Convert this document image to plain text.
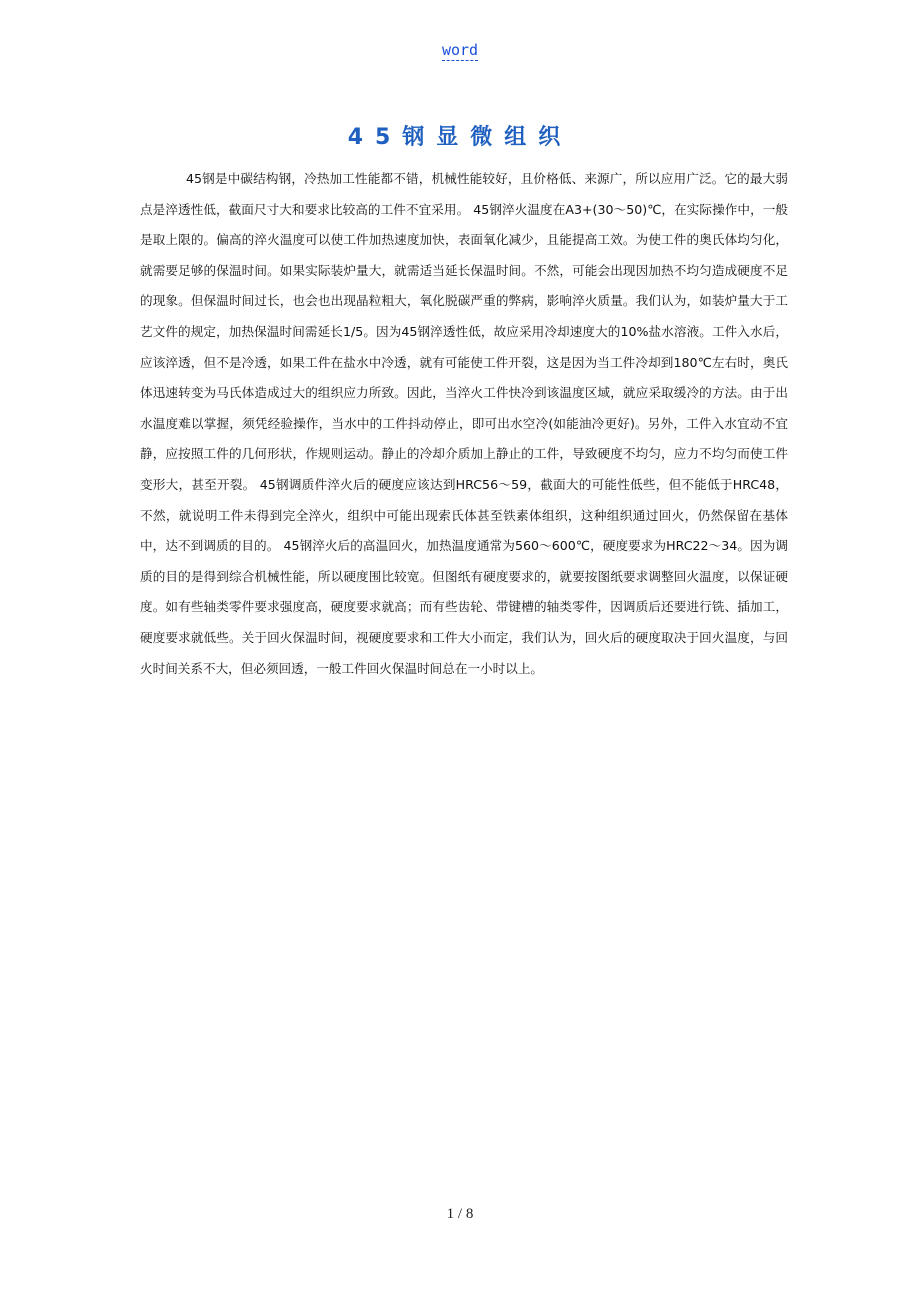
word
45钢显微组织

45钢是中碳结构钢，冷热加工性能都不错，机械性能较好，且价格低、来源广，所以应用广泛。它的最大弱点是淬透性低，截面尺寸大和要求比较高的工件不宜采用。 45钢淬火温度在A3+(30～50)℃，在实际操作中，一般是取上限的。偏高的淬火温度可以使工件加热速度加快，表面氧化减少，且能提高工效。为使工件的奥氏体均匀化，就需要足够的保温时间。如果实际装炉量大，就需适当延长保温时间。不然，可能会出现因加热不均匀造成硬度不足的现象。但保温时间过长，也会也出现晶粒粗大，氧化脱碳严重的弊病，影响淬火质量。我们认为，如装炉量大于工艺文件的规定，加热保温时间需延长1/5。因为45钢淬透性低，故应采用冷却速度大的10%盐水溶液。工件入水后，应该淬透，但不是冷透，如果工件在盐水中冷透，就有可能使工件开裂，这是因为当工件冷却到180℃左右时，奥氏体迅速转变为马氏体造成过大的组织应力所致。因此，当淬火工件快冷到该温度区域，就应采取缓冷的方法。由于出水温度难以掌握，须凭经验操作，当水中的工件抖动停止，即可出水空冷(如能油冷更好)。另外，工件入水宜动不宜静，应按照工件的几何形状，作规则运动。静止的冷却介质加上静止的工件，导致硬度不均匀，应力不均匀而使工件变形大，甚至开裂。 45钢调质件淬火后的硬度应该达到HRC56～59，截面大的可能性低些，但不能低于HRC48，不然，就说明工件未得到完全淬火，组织中可能出现索氏体甚至铁素体组织，这种组织通过回火，仍然保留在基体中，达不到调质的目的。 45钢淬火后的高温回火，加热温度通常为560～600℃，硬度要求为HRC22～34。因为调质的目的是得到综合机械性能，所以硬度围比较宽。但图纸有硬度要求的，就要按图纸要求调整回火温度，以保证硬度。如有些轴类零件要求强度高，硬度要求就高；而有些齿轮、带键槽的轴类零件，因调质后还要进行铣、插加工，硬度要求就低些。关于回火保温时间，视硬度要求和工件大小而定，我们认为，回火后的硬度取决于回火温度，与回火时间关系不大，但必须回透，一般工件回火保温时间总在一小时以上。

1 / 8
